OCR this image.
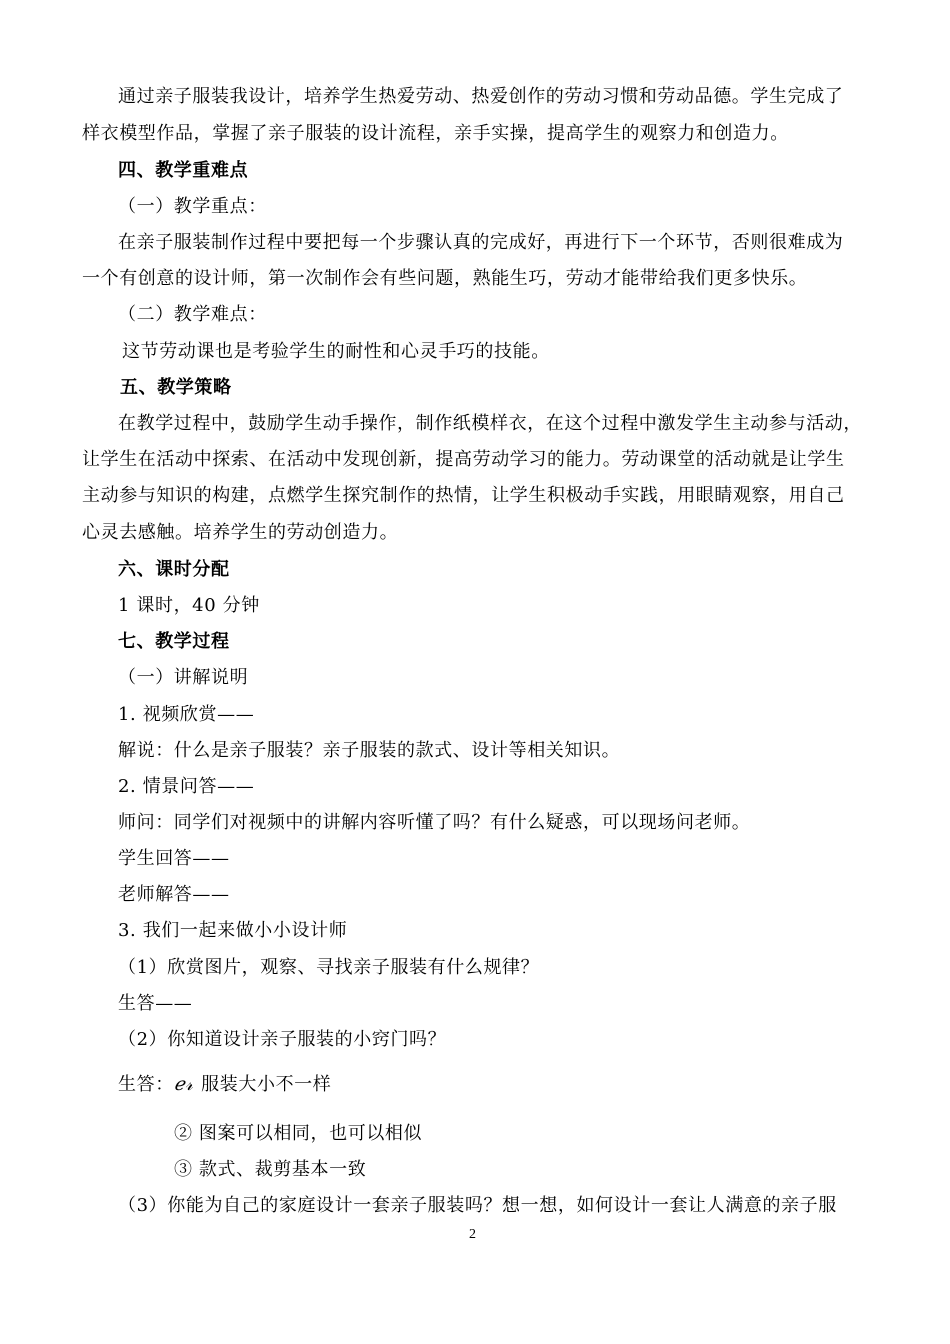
通过亲子服装我设计，培养学生热爱劳动、热爱创作的劳动习惯和劳动品德。学生完成了
样衣模型作品，掌握了亲子服装的设计流程，亲手实操，提高学生的观察力和创造力。
四、教学重难点
（一）教学重点：
在亲子服装制作过程中要把每一个步骤认真的完成好，再进行下一个环节，否则很难成为
一个有创意的设计师，第一次制作会有些问题，熟能生巧，劳动才能带给我们更多快乐。
（二）教学难点：
这节劳动课也是考验学生的耐性和心灵手巧的技能。
五、教学策略
在教学过程中，鼓励学生动手操作，制作纸模样衣，在这个过程中激发学生主动参与活动，
让学生在活动中探索、在活动中发现创新，提高劳动学习的能力。劳动课堂的活动就是让学生
主动参与知识的构建，点燃学生探究制作的热情，让学生积极动手实践，用眼睛观察，用自己
心灵去感触。培养学生的劳动创造力。
六、课时分配
1 课时，40 分钟
七、教学过程
（一）讲解说明
1. 视频欣赏——
解说：什么是亲子服装？亲子服装的款式、设计等相关知识。
2. 情景问答——
师问：同学们对视频中的讲解内容听懂了吗？有什么疑惑，可以现场问老师。
学生回答——
老师解答——
3. 我们一起来做小小设计师
（1）欣赏图片，观察、寻找亲子服装有什么规律？
生答——
（2）你知道设计亲子服装的小窍门吗？
生答：ℯ𝓇 服装大小不一样
② 图案可以相同，也可以相似
③ 款式、裁剪基本一致
（3）你能为自己的家庭设计一套亲子服装吗？想一想，如何设计一套让人满意的亲子服
2
